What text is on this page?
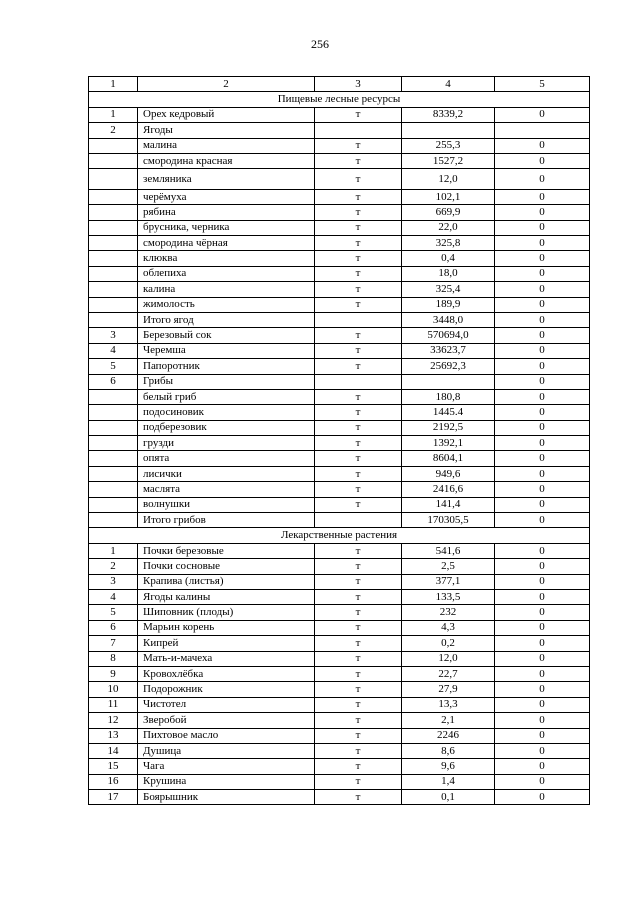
256
1	2	3	4	5
Пищевые лесные ресурсы				
1	Орех кедровый	т	8339,2	0
2	Ягоды			
	малина	т	255,3	0
	смородина красная	т	1527,2	0
	земляника	т	12,0	0
	черёмуха	т	102,1	0
	рябина	т	669,9	0
	брусника, черника	т	22,0	0
	смородина чёрная	т	325,8	0
	клюква	т	0,4	0
	облепиха	т	18,0	0
	калина	т	325,4	0
	жимолость	т	189,9	0
	Итого ягод		3448,0	0
3	Березовый сок	т	570694,0	0
4	Черемша	т	33623,7	0
5	Папоротник	т	25692,3	0
6	Грибы			0
	белый гриб	т	180,8	0
	подосиновик	т	1445.4	0
	подберезовик	т	2192,5	0
	грузди	т	1392,1	0
	опята	т	8604,1	0
	лисички	т	949,6	0
	маслята	т	2416,6	0
	волнушки	т	141,4	0
	Итого грибов		170305,5	0
Лекарственные растения				
1	Почки березовые	т	541,6	0
2	Почки сосновые	т	2,5	0
3	Крапива (листья)	т	377,1	0
4	Ягоды калины	т	133,5	0
5	Шиповник (плоды)	т	232	0
6	Марьин корень	т	4,3	0
7	Кипрей	т	0,2	0
8	Мать-и-мачеха	т	12,0	0
9	Кровохлёбка	т	22,7	0
10	Подорожник	т	27,9	0
11	Чистотел	т	13,3	0
12	Зверобой	т	2,1	0
13	Пихтовое масло	т	2246	0
14	Душица	т	8,6	0
15	Чага	т	9,6	0
16	Крушина	т	1,4	0
17	Боярышник	т	0,1	0
